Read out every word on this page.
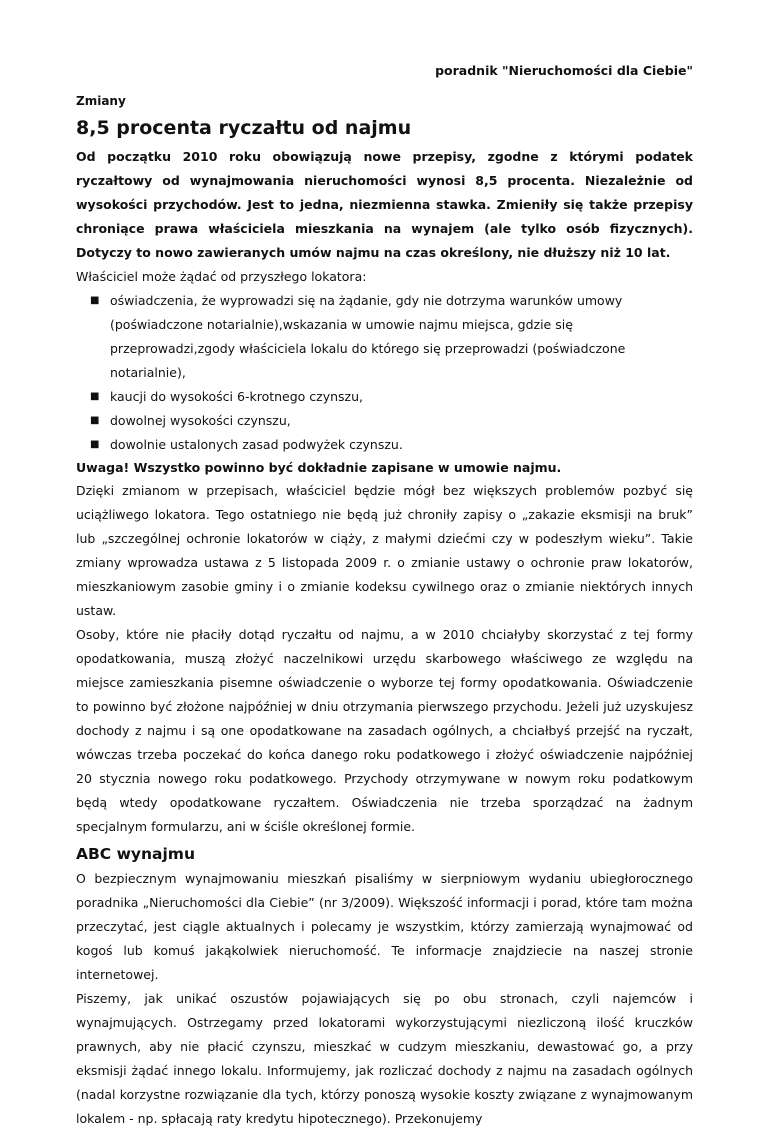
poradnik "Nieruchomości dla Ciebie"

Zmiany

8,5 procenta ryczałtu od najmu

Od początku 2010 roku obowiązują nowe przepisy, zgodne z którymi podatek ryczałtowy od wynajmowania nieruchomości wynosi 8,5 procenta. Niezależnie od wysokości przychodów. Jest to jedna, niezmienna stawka. Zmieniły się także przepisy chroniące prawa właściciela mieszkania na wynajem (ale tylko osób fizycznych). Dotyczy to nowo zawieranych umów najmu na czas określony, nie dłuższy niż 10 lat.

Właściciel może żądać od przyszłego lokatora:

■ oświadczenia, że wyprowadzi się na żądanie, gdy nie dotrzyma warunków umowy (poświadczone notarialnie),wskazania w umowie najmu miejsca, gdzie się przeprowadzi,zgody właściciela lokalu do którego się przeprowadzi (poświadczone notarialnie),
■ kaucji do wysokości 6-krotnego czynszu,
■ dowolnej wysokości czynszu,
■ dowolnie ustalonych zasad podwyżek czynszu.

Uwaga! Wszystko powinno być dokładnie zapisane w umowie najmu.

Dzięki zmianom w przepisach, właściciel będzie mógł bez większych problemów pozbyć się uciążliwego lokatora. Tego ostatniego nie będą już chroniły zapisy o „zakazie eksmisji na bruk” lub „szczególnej ochronie lokatorów w ciąży, z małymi dziećmi czy w podeszłym wieku”. Takie zmiany wprowadza ustawa z 5 listopada 2009 r. o zmianie ustawy o ochronie praw lokatorów, mieszkaniowym zasobie gminy i o zmianie kodeksu cywilnego oraz o zmianie niektórych innych ustaw.

Osoby, które nie płaciły dotąd ryczałtu od najmu, a w 2010 chciałyby skorzystać z tej formy opodatkowania, muszą złożyć naczelnikowi urzędu skarbowego właściwego ze względu na miejsce zamieszkania pisemne oświadczenie o wyborze tej formy opodatkowania. Oświadczenie to powinno być złożone najpóźniej w dniu otrzymania pierwszego przychodu. Jeżeli już uzyskujesz dochody z najmu i są one opodatkowane na zasadach ogólnych, a chciałbyś przejść na ryczałt, wówczas trzeba poczekać do końca danego roku podatkowego i złożyć oświadczenie najpóźniej 20 stycznia nowego roku podatkowego. Przychody otrzymywane w nowym roku podatkowym będą wtedy opodatkowane ryczałtem. Oświadczenia nie trzeba sporządzać na żadnym specjalnym formularzu, ani w ściśle określonej formie.

ABC wynajmu

O bezpiecznym wynajmowaniu mieszkań pisaliśmy w sierpniowym wydaniu ubiegłorocznego poradnika „Nieruchomości dla Ciebie” (nr 3/2009). Większość informacji i porad, które tam można przeczytać, jest ciągle aktualnych i polecamy je wszystkim, którzy zamierzają wynajmować od kogoś lub komuś jakąkolwiek nieruchomość. Te informacje znajdziecie na naszej stronie internetowej.

Piszemy, jak unikać oszustów pojawiających się po obu stronach, czyli najemców i wynajmujących. Ostrzegamy przed lokatorami wykorzystującymi niezliczoną ilość kruczków prawnych, aby nie płacić czynszu, mieszkać w cudzym mieszkaniu, dewastować go, a przy eksmisji żądać innego lokalu. Informujemy, jak rozliczać dochody z najmu na zasadach ogólnych (nadal korzystne rozwiązanie dla tych, którzy ponoszą wysokie koszty związane z wynajmowanym lokalem - np. spłacają raty kredytu hipotecznego). Przekonujemy
